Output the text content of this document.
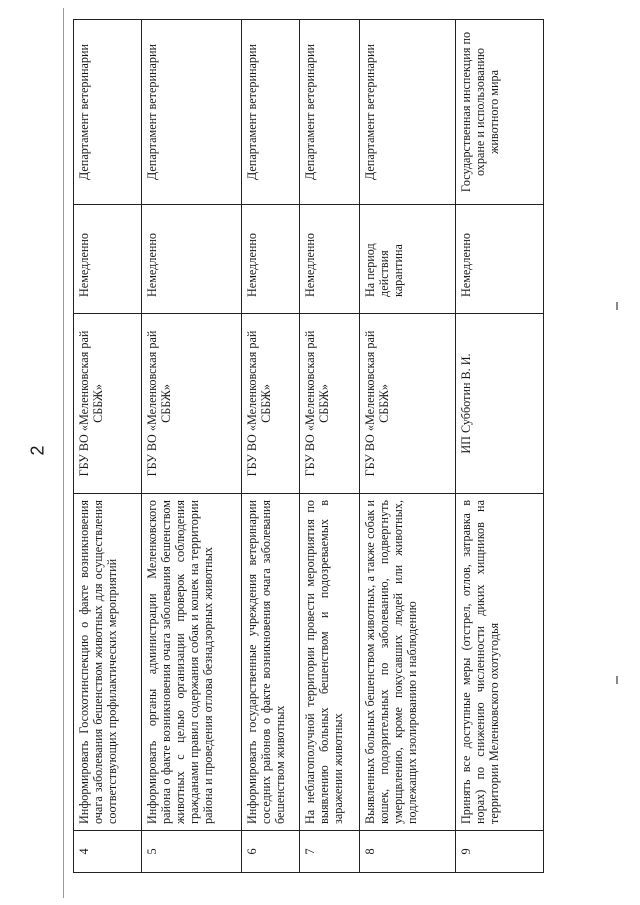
2
4	Информировать Госохотинспекцию о факте возникновения очага заболевания бешенством животных для осуществления соответствующих профилактических мероприятий	ГБУ ВО «Меленковская рай СББЖ»	Немедленно	Департамент ветеринарии
5	Информировать органы администрации Меленковского района о факте возникновения очага заболевания бешенством животных с целью организации проверок соблюдения гражданами правил содержания собак и кошек на территории района и проведения отлова безнадзорных животных	ГБУ ВО «Меленковская рай СББЖ»	Немедленно	Департамент ветеринарии
6	Информировать государственные учреждения ветеринарии соседних районов о факте возникновения очага заболевания бешенством животных	ГБУ ВО «Меленковская рай СББЖ»	Немедленно	Департамент ветеринарии
7	На неблагополучной территории провести мероприятия по выявлению больных бешенством и подозреваемых в заражении животных	ГБУ ВО «Меленковская рай СББЖ»	Немедленно	Департамент ветеринарии
8	Выявленных больных бешенством животных, а также собак и кошек, подозрительных по заболеванию, подвергнуть умерщвлению, кроме покусавших людей или животных, подлежащих изолированию и наблюдению	ГБУ ВО «Меленковская рай СББЖ»	На период действия карантина	Департамент ветеринарии
9	Принять все доступные меры (отстрел, отлов, затравка в норах) по снижению численности диких хищников на территории Меленковского охотугодья	ИП Субботин В. И.	Немедленно	Государственная инспекция по охране и использованию животного мира
